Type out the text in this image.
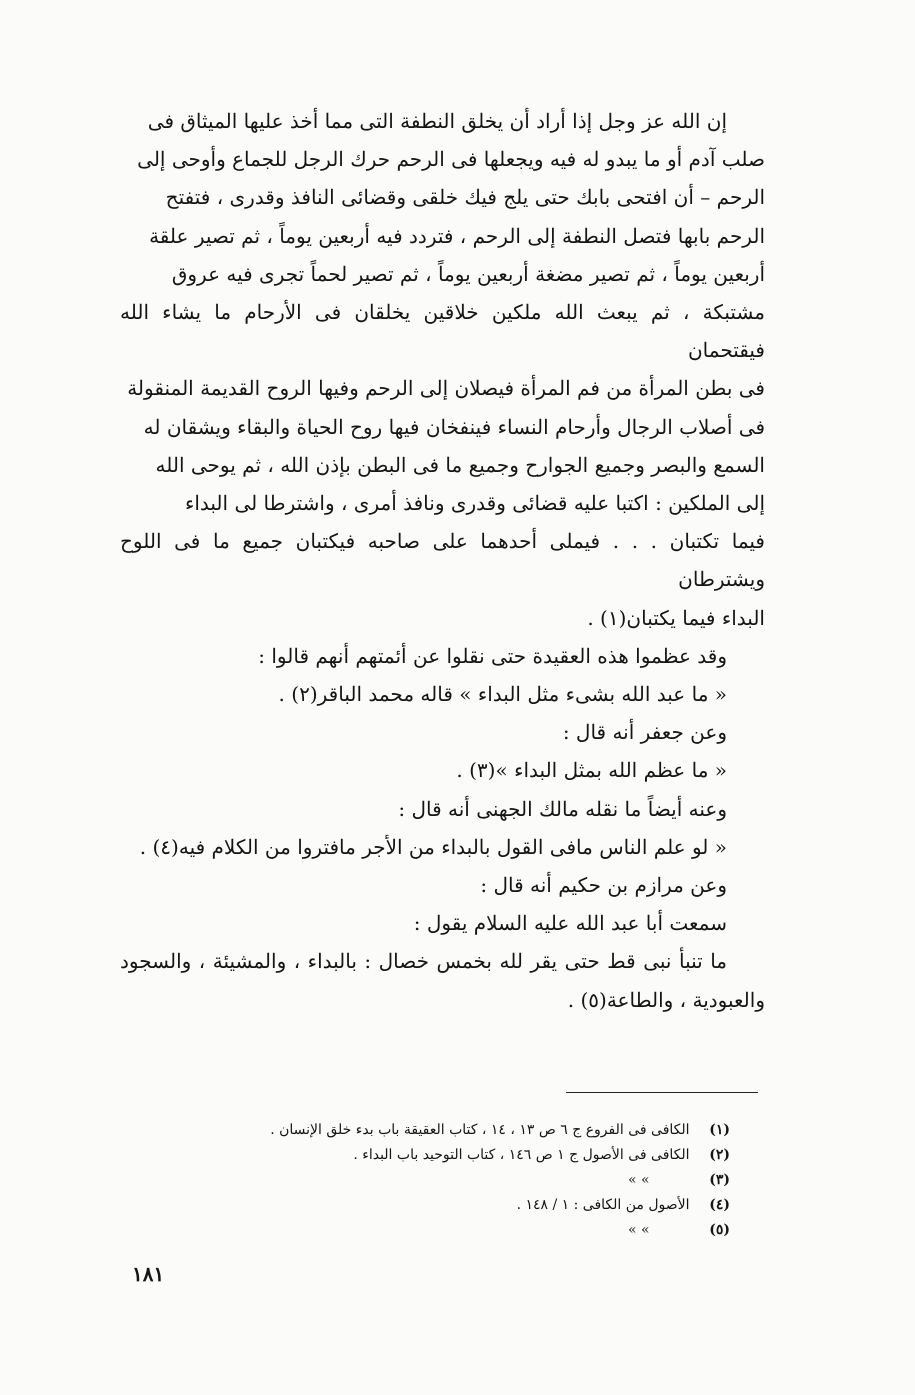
إن الله عز وجل إذا أراد أن يخلق النطفة التى مما أخذ عليها الميثاق فى
صلب آدم أو ما يبدو له فيه ويجعلها فى الرحم حرك الرجل للجماع وأوحى إلى
الرحم – أن افتحى بابك حتى يلج فيك خلقى وقضائى النافذ وقدرى ، فتفتح
الرحم بابها فتصل النطفة إلى الرحم ، فتردد فيه أربعين يوماً ، ثم تصير علقة
أربعين يوماً ، ثم تصير مضغة أربعين يوماً ، ثم تصير لحماً تجرى فيه عروق
مشتبكة ، ثم يبعث الله ملكين خلاقين يخلقان فى الأرحام ما يشاء الله فيقتحمان
فى بطن المرأة من فم المرأة فيصلان إلى الرحم وفيها الروح القديمة المنقولة
فى أصلاب الرجال وأرحام النساء فينفخان فيها روح الحياة والبقاء ويشقان له
السمع والبصر وجميع الجوارح وجميع ما فى البطن بإذن الله ، ثم يوحى الله
إلى الملكين : اكتبا عليه قضائى وقدرى ونافذ أمرى ، واشترطا لى البداء
فيما تكتبان . . . فيملى أحدهما على صاحبه فيكتبان جميع ما فى اللوح ويشترطان
البداء فيما يكتبان(١) .

وقد عظموا هذه العقيدة حتى نقلوا عن أئمتهم أنهم قالوا :

« ما عبد الله بشىء مثل البداء » قاله محمد الباقر(٢) .

وعن جعفر أنه قال :

« ما عظم الله بمثل البداء »(٣) .

وعنه أيضاً ما نقله مالك الجهنى أنه قال :

« لو علم الناس مافى القول بالبداء من الأجر مافتروا من الكلام فيه(٤) .

وعن مرازم بن حكيم أنه قال :

سمعت أبا عبد الله عليه السلام يقول :

ما تنبأ نبى قط حتى يقر لله بخمس خصال : بالبداء ، والمشيئة ، والسجود

والعبودية ، والطاعة(٥) .

(١) الكافى فى الفروع ج ٦ ص ١٣ ، ١٤ ، كتاب العقيقة باب بدء خلق الإنسان .
(٢) الكافى فى الأصول ج ١ ص ١٤٦ ، كتاب التوحيد باب البداء .
(٣) » »
(٤) الأصول من الكافى : ١ / ١٤٨ .
(٥) » »
١٨١
